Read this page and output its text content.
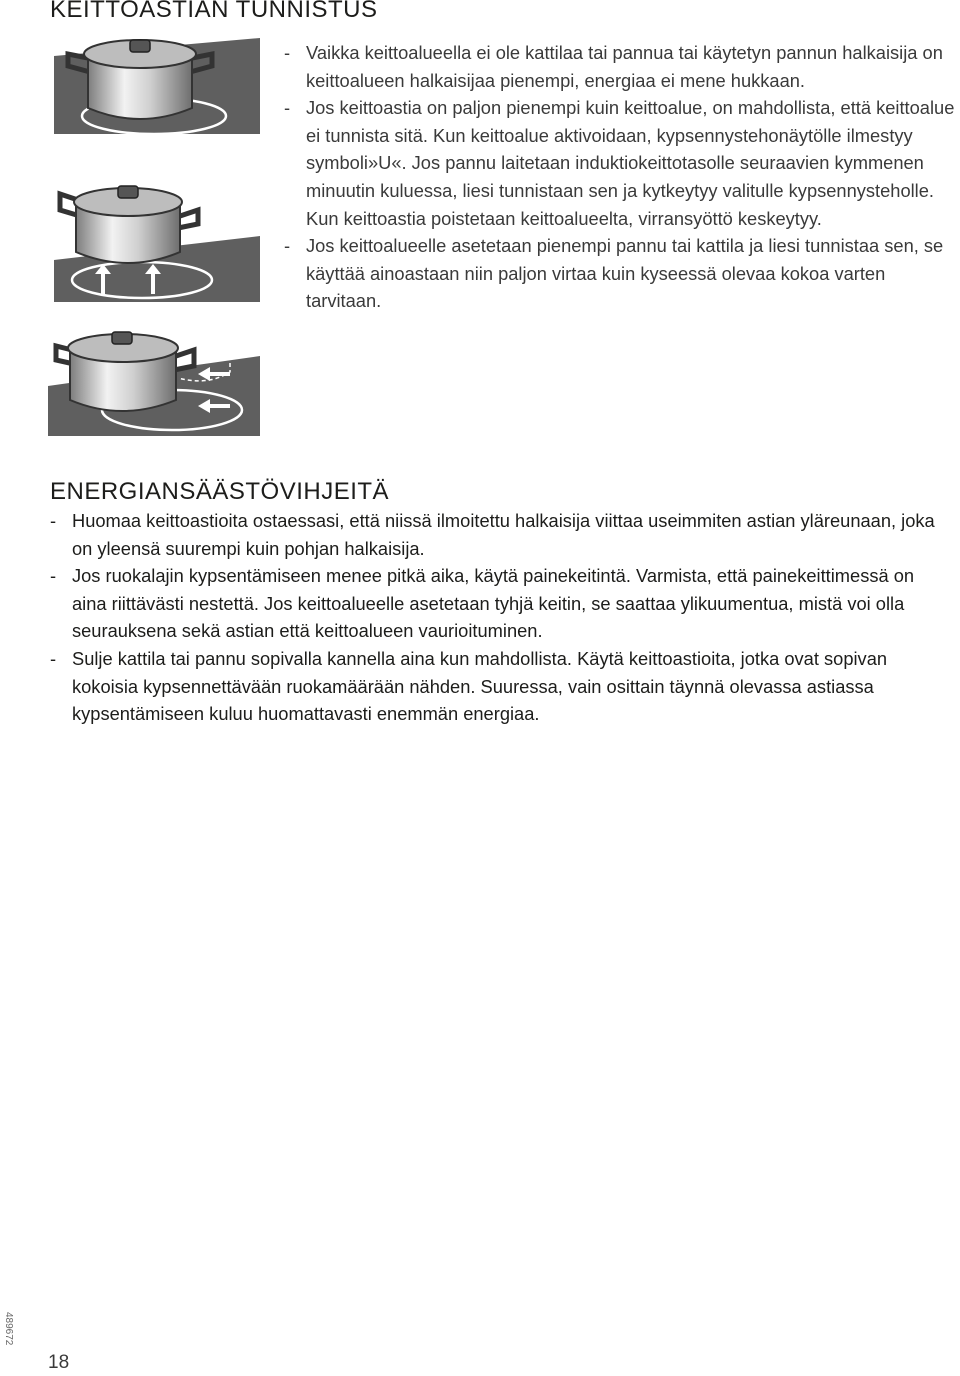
KEITTOASTIAN TUNNISTUS
- Vaikka keittoalueella ei ole kattilaa tai pannua tai käytetyn pannun halkaisija on keittoalueen halkaisijaa pienempi, energiaa ei mene hukkaan.
- Jos keittoastia on paljon pienempi kuin keittoalue, on mahdollista, että keittoalue ei tunnista sitä. Kun keittoalue aktivoidaan, kypsennystehonäytölle ilmestyy symboli»U«. Jos pannu laitetaan induktiokeittotasolle seuraavien kymmenen minuutin kuluessa, liesi tunnistaan sen ja kytkeytyy valitulle kypsennysteholle. Kun keittoastia poistetaan keittoalueelta, virransyöttö keskeytyy.
- Jos keittoalueelle asetetaan pienempi pannu tai kattila ja liesi tunnistaa sen, se käyttää ainoastaan niin paljon virtaa kuin kyseessä olevaa kokoa varten tarvitaan.
ENERGIANSÄÄSTÖVIHJEITÄ
- Huomaa keittoastioita ostaessasi, että niissä ilmoitettu halkaisija viittaa useimmiten astian yläreunaan, joka on yleensä suurempi kuin pohjan halkaisija.
- Jos ruokalajin kypsentämiseen menee pitkä aika, käytä painekeitintä. Varmista, että painekeittimessä on aina riittävästi nestettä. Jos keittoalueelle asetetaan tyhjä keitin, se saattaa ylikuumentua, mistä voi olla seurauksena sekä astian että keittoalueen vaurioituminen.
- Sulje kattila tai pannu sopivalla kannella aina kun mahdollista. Käytä keittoastioita, jotka ovat sopivan kokoisia kypsennettävään ruokamäärään nähden. Suuressa, vain osittain täynnä olevassa astiassa kypsentämiseen kuluu huomattavasti enemmän energiaa.
489672
18
